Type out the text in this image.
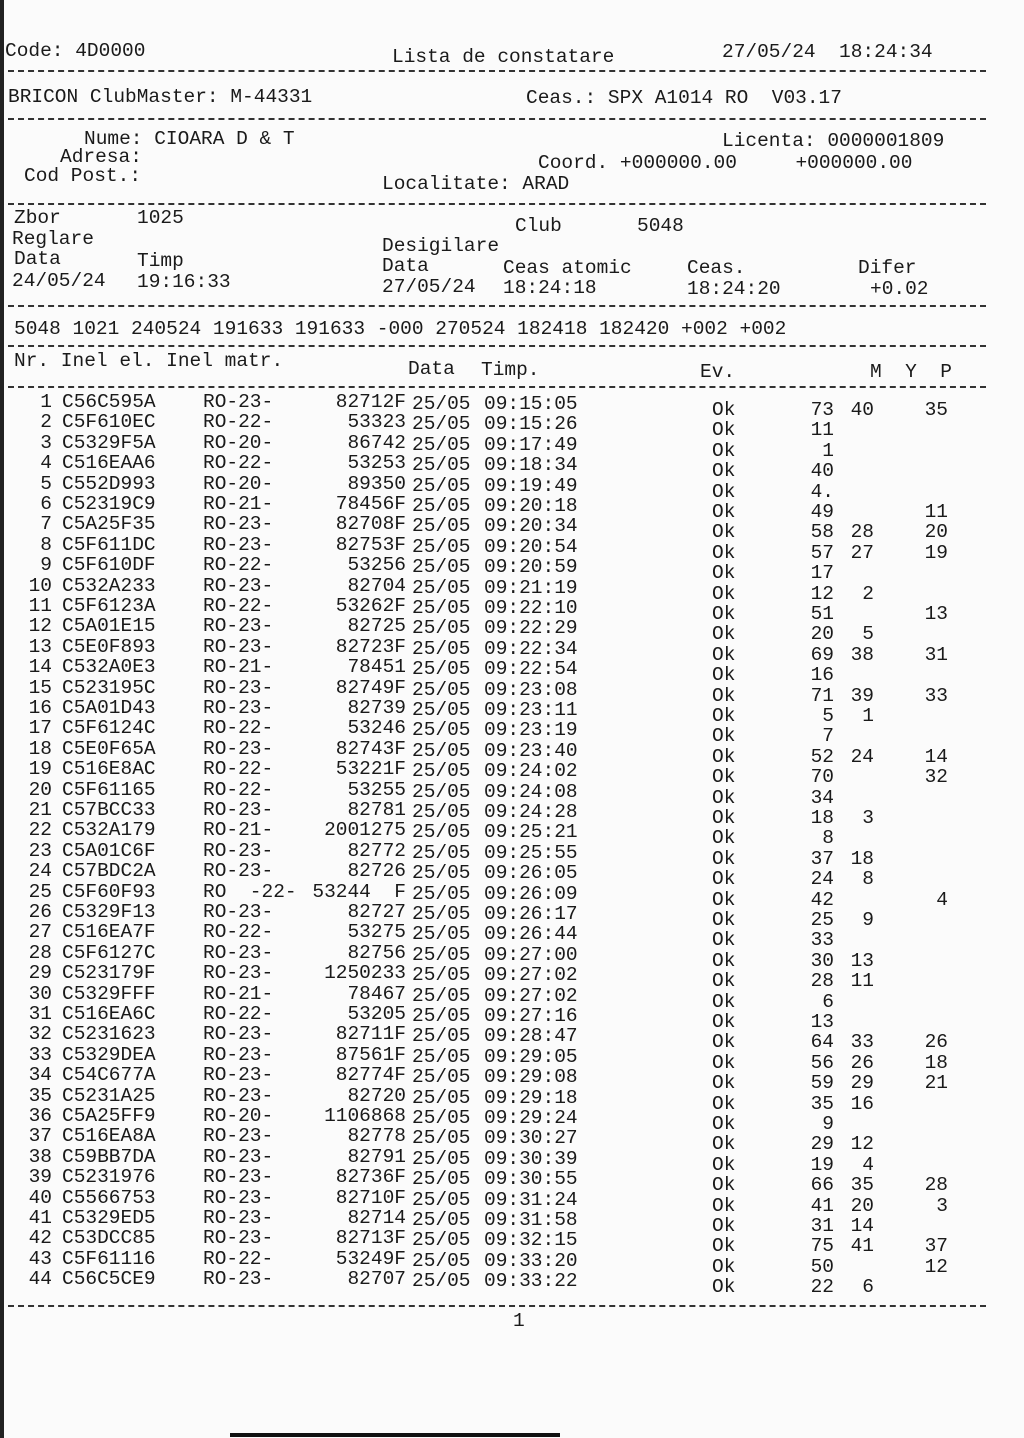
Code: 4D0000	Lista de constatare	27/05/24  18:24:34
BRICON ClubMaster: M-44331	Ceas.: SPX A1014 RO  V03.17
Nume: CIOARA D & T	Licenta: 0000001809
Adresa:	Coord. +000000.00     +000000.00
Cod Post.:	Localitate: ARAD
Zbor	1025	Club	5048
Reglare	Desigilare
Data	Timp	Data	Ceas atomic	Ceas.	Difer
24/05/24 19:16:33	27/05/24 18:24:18	18:24:20	+0.02
5048 1021 240524 191633 191633 -000 270524 182418 182420 +002 +002
Nr. Inel el. Inel matr.	Data Timp.	Ev.	M  Y  P
1 C56C595A RO-23-	82712F 25/05 09:15:05	Ok	73 40	35
2 C5F610EC RO-22-	53323 25/05 09:15:26	Ok	11
3 C5329F5A RO-20-	86742 25/05 09:17:49	Ok	1
4 C516EAA6 RO-22-	53253 25/05 09:18:34	Ok	40
5 C552D993 RO-20-	89350 25/05 09:19:49	Ok	4.
6 C52319C9 RO-21-	78456F 25/05 09:20:18	Ok	49	11
7 C5A25F35 RO-23-	82708F 25/05 09:20:34	Ok	58 28	20
8 C5F611DC RO-23-	82753F 25/05 09:20:54	Ok	57 27	19
9 C5F610DF RO-22-	53256 25/05 09:20:59	Ok	17
10 C532A233 RO-23-	82704 25/05 09:21:19	Ok	12 2
11 C5F6123A RO-22-	53262F 25/05 09:22:10	Ok	51	13
12 C5A01E15 RO-23-	82725 25/05 09:22:29	Ok	20 5
13 C5E0F893 RO-23-	82723F 25/05 09:22:34	Ok	69 38	31
14 C532A0E3 RO-21-	78451 25/05 09:22:54	Ok	16
15 C523195C RO-23-	82749F 25/05 09:23:08	Ok	71 39	33
16 C5A01D43 RO-23-	82739 25/05 09:23:11	Ok	5 1
17 C5F6124C RO-22-	53246 25/05 09:23:19	Ok	7
18 C5E0F65A RO-23-	82743F 25/05 09:23:40	Ok	52 24	14
19 C516E8AC RO-22-	53221F 25/05 09:24:02	Ok	70	32
20 C5F61165 RO-22-	53255 25/05 09:24:08	Ok	34
21 C57BCC33 RO-23-	82781 25/05 09:24:28	Ok	18 3
22 C532A179 RO-21-	2001275 25/05 09:25:21	Ok	8
23 C5A01C6F RO-23-	82772 25/05 09:25:55	Ok	37 18
24 C57BDC2A RO-23-	82726 25/05 09:26:05	Ok	24 8
25 C5F60F93 RO  -22- 53244  F 25/05 09:26:09	Ok	42	4
26 C5329F13 RO-23-	82727 25/05 09:26:17	Ok	25 9
27 C516EA7F RO-22-	53275 25/05 09:26:44	Ok	33
28 C5F6127C RO-23-	82756 25/05 09:27:00	Ok	30 13
29 C523179F RO-23-	1250233 25/05 09:27:02	Ok	28 11
30 C5329FFF RO-21-	78467 25/05 09:27:02	Ok	6
31 C516EA6C RO-22-	53205 25/05 09:27:16	Ok	13
32 C5231623 RO-23-	82711F 25/05 09:28:47	Ok	64 33	26
33 C5329DEA RO-23-	87561F 25/05 09:29:05	Ok	56 26	18
34 C54C677A RO-23-	82774F 25/05 09:29:08	Ok	59 29	21
35 C5231A25 RO-23-	82720 25/05 09:29:18	Ok	35 16
36 C5A25FF9 RO-20-	1106868 25/05 09:29:24	Ok	9
37 C516EA8A RO-23-	82778 25/05 09:30:27	Ok	29 12
38 C59BB7DA RO-23-	82791 25/05 09:30:39	Ok	19 4
39 C5231976 RO-23-	82736F 25/05 09:30:55	Ok	66 35	28
40 C5566753 RO-23-	82710F 25/05 09:31:24	Ok	41 20	3
41 C5329ED5 RO-23-	82714 25/05 09:31:58	Ok	31 14
42 C53DCC85 RO-23-	82713F 25/05 09:32:15	Ok	75 41	37
43 C5F61116 RO-22-	53249F 25/05 09:33:20	Ok	50	12
44 C56C5CE9 RO-23-	82707 25/05 09:33:22	Ok	22 6
1
